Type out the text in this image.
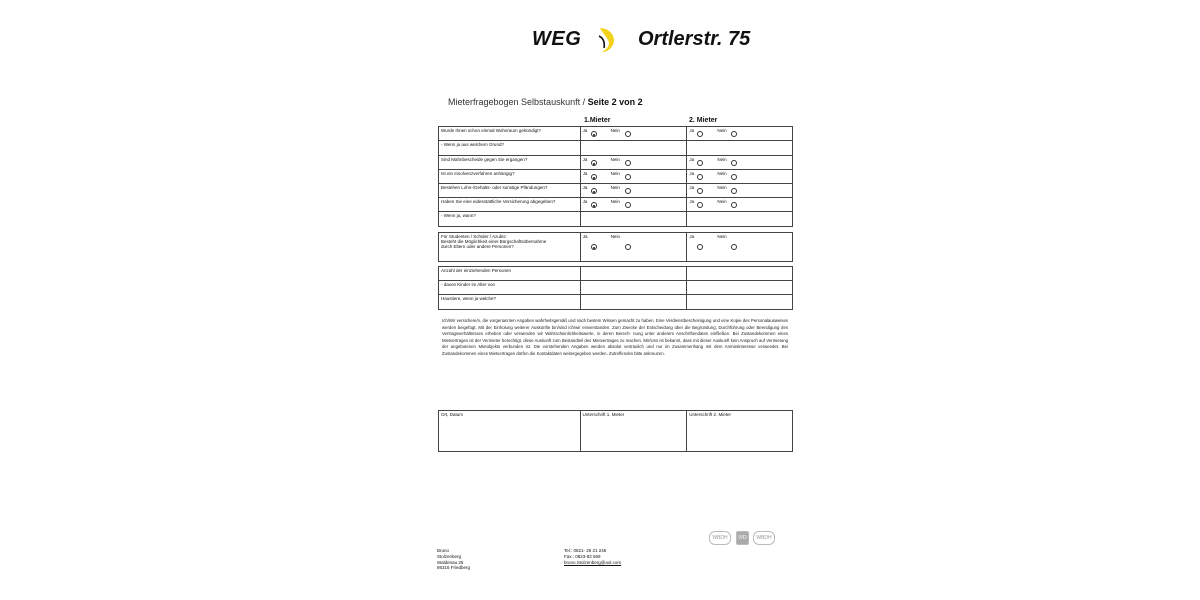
WEG	Ortlerstr. 75
Mieterfragebogen Selbstauskunft / Seite 2 von 2
1.Mieter	2. Mieter
Wurde Ihnen schon einmal Wohnraum gekündigt?	Ja Nein	Ja Nein

- Wenn ja aus welchem Grund?		
Sind Mahnbescheide gegen Sie ergangen?	Ja Nein	Ja Nein

Ist ein Insolvenzverfahren anhängig?	Ja Nein	Ja Nein

Bestehen Lohn-/Gehalts- oder sonstige Pfändungen?	Ja Nein	Ja Nein

Haben Sie eine eidesstattliche Versicherung abgegeben?	Ja Nein	Ja Nein

- Wenn ja, wann?		
Für Studenten / Schüler / Azubis:
Besteht die Möglichkeit einer Bürgschaftsübernahme
durch Eltern oder andere Personen?

Ja	Nein	Ja	Nein
Anzahl der einziehenden Personen		
- davon Kinder im Alter von		
Haustiere, wenn ja welche?		
Ich/Wir versichere/n, die vorgenannten Angaben wahrheitsgemäß und nach bestem Wissen gemacht zu haben. Eine Verdienstbescheinigung und eine Kopie des Personalausweises werden beigefügt. Mit der Einholung weiterer Auskünfte bin/sind ich/wir einverstanden. Zum Zwecke der Entscheidung über die Begründung, Durchführung oder Beendigung des Vertragsverhältnisses erheben oder verwenden wir Wahrscheinlichkeitswerte, in deren Berech- nung unter anderem Anschriftendaten einfließen. Bei Zustandekommen eines Mietvertrages ist der Vermieter berechtigt, diese Auskunft zum Bestandteil des Mietvertrages zu machen. Mir/Uns ist bekannt, dass mit dieser Auskunft kein Anspruch auf Vermietung der angebotenen Mietobjekts verbunden ist. Die vorstehenden Angaben werden absolut vertraulich und nur im Zusammenhang mit dem Anmietinteresse verwendet. Bei Zustandekommen eines Mietvertrages dürfen die Kontaktdaten weitergegeben werden. Zutreffendes bitte ankreuzen.
Ort, Datum	Unterschrift 1. Mieter	Unterschrift 2. Mieter
WBDH	IVD	WBDH
Bruno
Stolzenberg
Waldenau 25
86316 Friedberg
Tel.: 0821- 26 21 245
Fax.: 0823-82 669
bruno.Stolzenberg@aol.com
